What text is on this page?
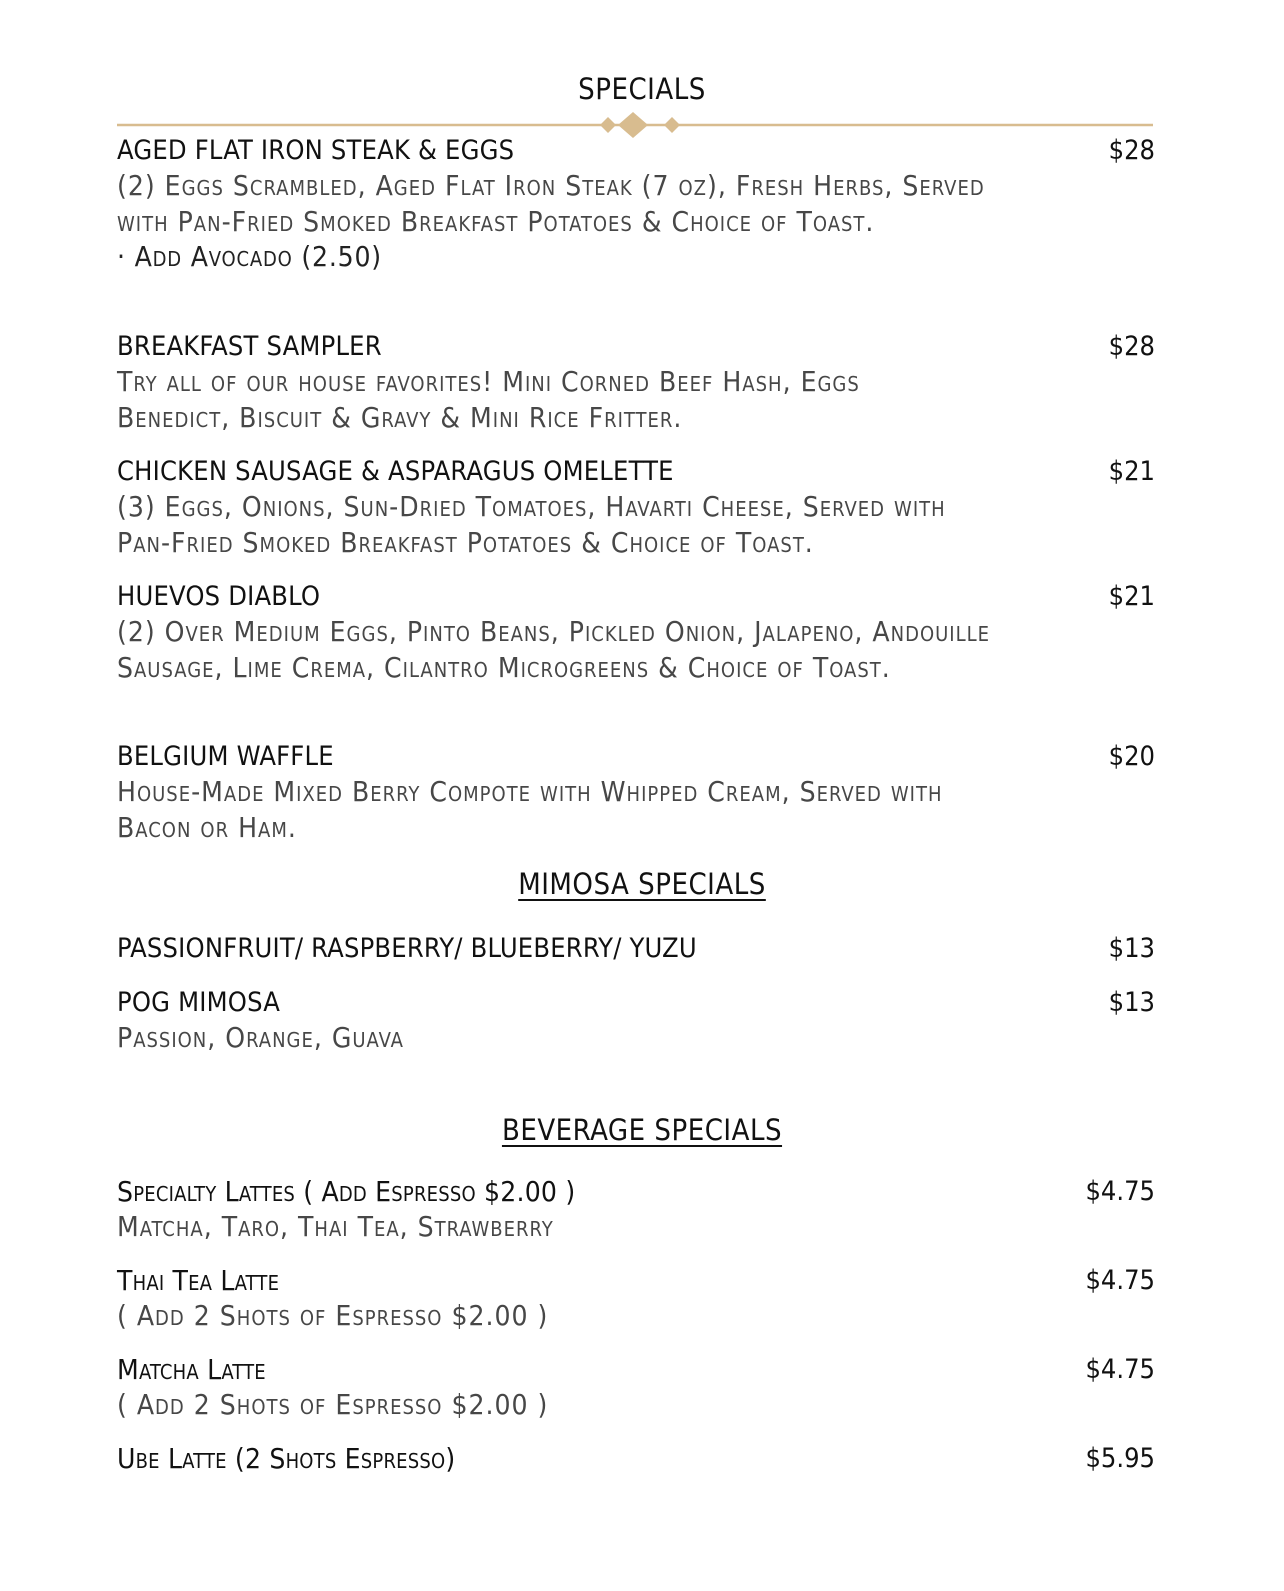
SPECIALS
AGED FLAT IRON STEAK & EGGS	$28
(2) Eggs Scrambled, Aged Flat Iron Steak (7 oz), Fresh Herbs, Served with Pan-Fried Smoked Breakfast Potatoes & Choice of Toast.
· Add Avocado (2.50)
BREAKFAST SAMPLER	$28
Try all of our house favorites! Mini Corned Beef Hash, Eggs Benedict, Biscuit & Gravy & Mini Rice Fritter.
CHICKEN SAUSAGE & ASPARAGUS OMELETTE	$21
(3) Eggs, Onions, Sun-Dried Tomatoes, Havarti Cheese, Served with Pan-Fried Smoked Breakfast Potatoes & Choice of Toast.
HUEVOS DIABLO	$21
(2) Over Medium Eggs, Pinto Beans, Pickled Onion, Jalapeno, Andouille Sausage, Lime Crema, Cilantro Microgreens & Choice of Toast.
BELGIUM WAFFLE	$20
House-Made Mixed Berry Compote with Whipped Cream, Served with Bacon or Ham.
MIMOSA SPECIALS
PASSIONFRUIT/ RASPBERRY/ BLUEBERRY/ YUZU	$13
POG MIMOSA	$13
Passion, Orange, Guava
BEVERAGE SPECIALS
Specialty Lattes ( Add Espresso $2.00 )	$4.75
Matcha, Taro, Thai Tea, Strawberry
Thai Tea Latte	$4.75
( Add 2 Shots of Espresso $2.00 )
Matcha Latte	$4.75
( Add 2 Shots of Espresso $2.00 )
Ube Latte (2 Shots Espresso)	$5.95
